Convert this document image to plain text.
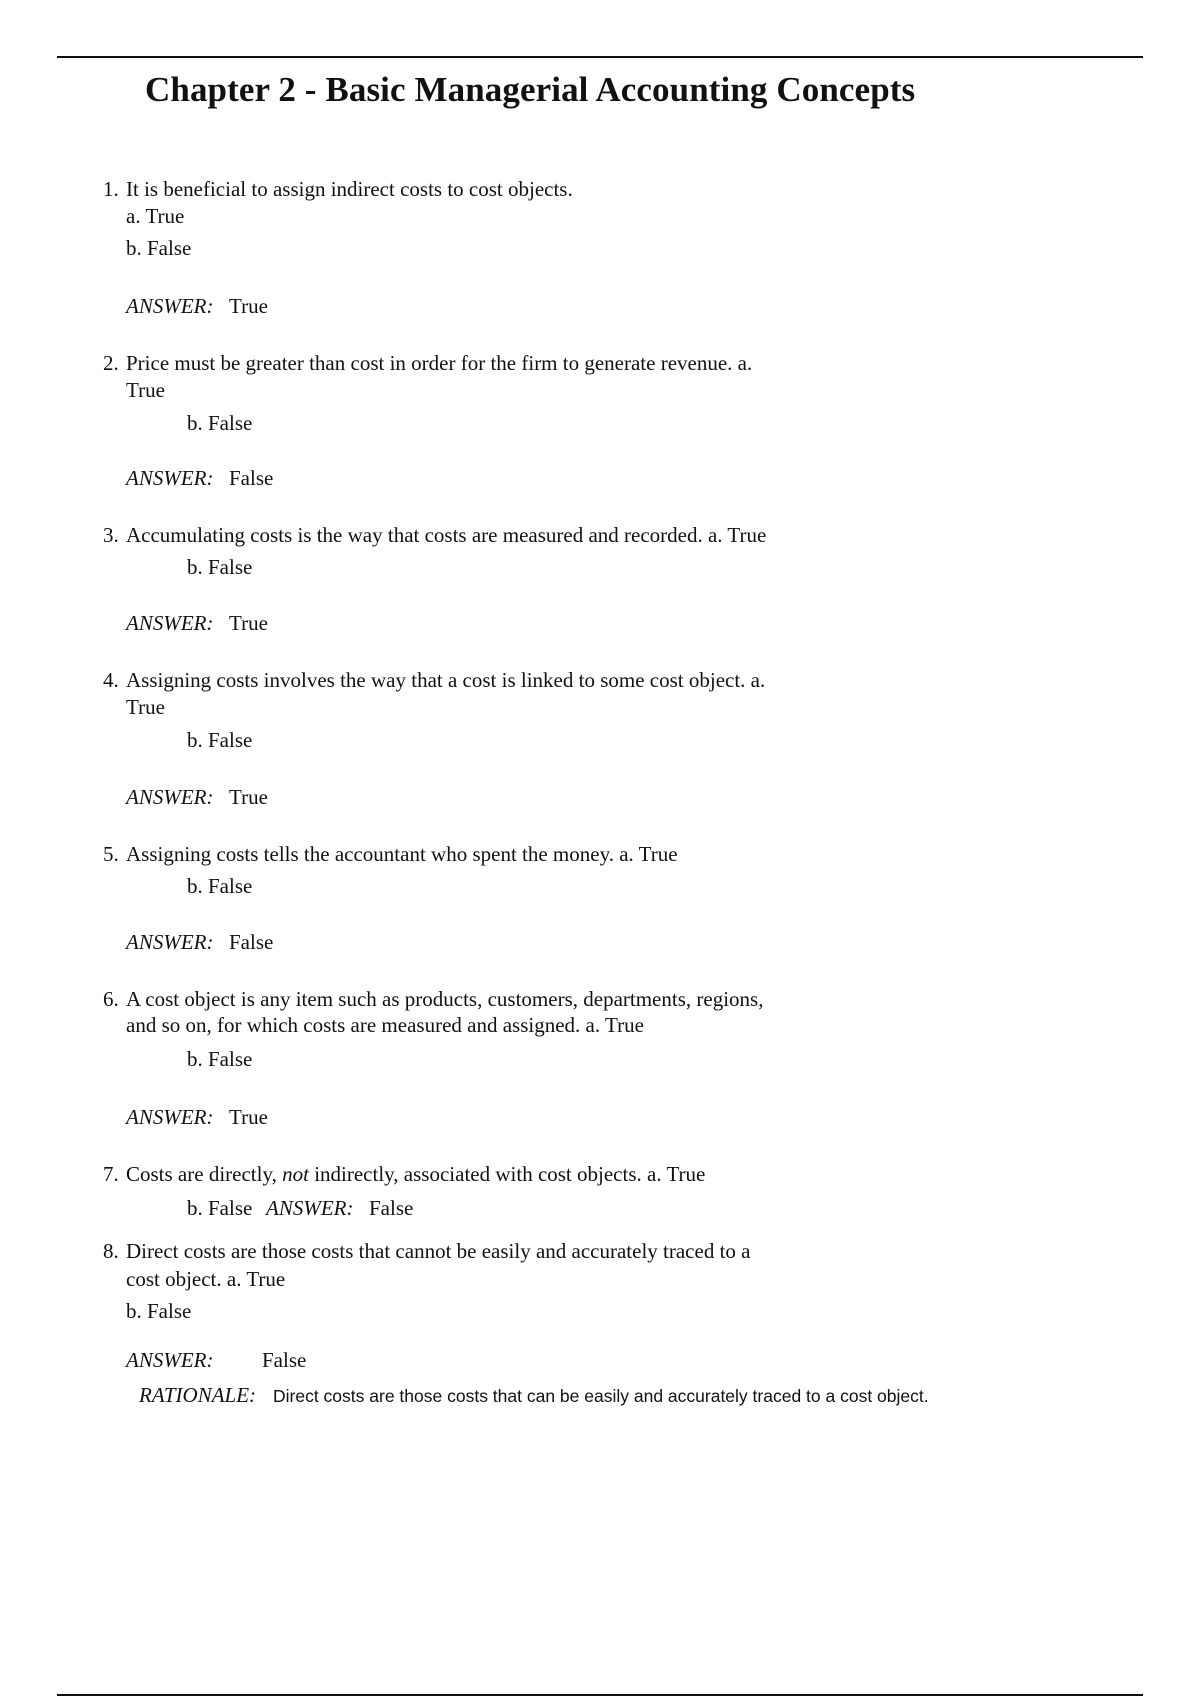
Chapter 2 - Basic Managerial Accounting Concepts
1. It is beneficial to assign indirect costs to cost objects.
a. True
b. False
ANSWER: True
2. Price must be greater than cost in order for the firm to generate revenue. a.
True
b. False
ANSWER: False
3. Accumulating costs is the way that costs are measured and recorded. a. True
b. False
ANSWER: True
4. Assigning costs involves the way that a cost is linked to some cost object. a.
True
b. False
ANSWER: True
5. Assigning costs tells the accountant who spent the money. a. True
b. False
ANSWER: False
6. A cost object is any item such as products, customers, departments, regions,
and so on, for which costs are measured and assigned. a. True
b. False
ANSWER: True
7. Costs are directly, not indirectly, associated with cost objects. a. True
b. False ANSWER: False
8. Direct costs are those costs that cannot be easily and accurately traced to a
cost object. a. True
b. False
ANSWER: False
RATIONALE: Direct costs are those costs that can be easily and accurately traced to a cost object.
